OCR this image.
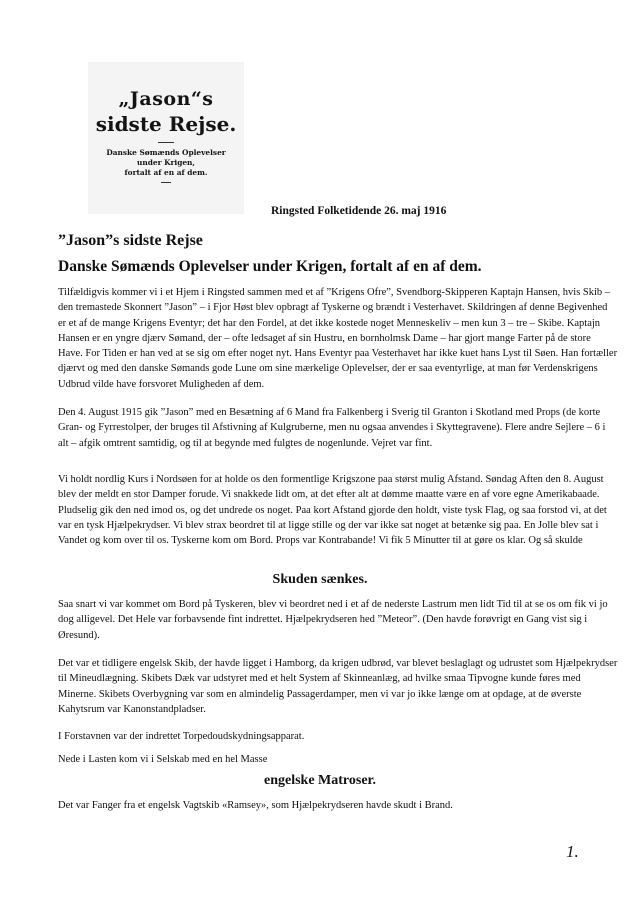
„Jason“s
sidste Rejse.
Danske Sømænds Oplevelser
under Krigen,
fortalt af en af dem.
Ringsted Folketidende 26. maj 1916
”Jason”s sidste Rejse
Danske Sømænds Oplevelser under Krigen, fortalt af en af dem.

Tilfældigvis kommer vi i et Hjem i Ringsted sammen med et af ”Krigens Ofre”, Svendborg-Skipperen Kaptajn Hansen, hvis Skib – den tremastede Skonnert ”Jason” – i Fjor Høst blev opbragt af Tyskerne og brændt i Vesterhavet. Skildringen af denne Begivenhed er et af de mange Krigens Eventyr; det har den Fordel, at det ikke kostede noget Menneskeliv – men kun 3 – tre – Skibe. Kaptajn Hansen er en yngre djærv Sømand, der – ofte ledsaget af sin Hustru, en bornholmsk Dame – har gjort mange Farter på de store Have. For Tiden er han ved at se sig om efter noget nyt. Hans Eventyr paa Vesterhavet har ikke kuet hans Lyst til Søen. Han fortæller djærvt og med den danske Sømands gode Lune om sine mærkelige Oplevelser, der er saa eventyrlige, at man før Verdenskrigens Udbrud vilde have forsvoret Muligheden af dem.

Den 4. August 1915 gik ”Jason” med en Besætning af 6 Mand fra Falkenberg i Sverig til Granton i Skotland med Props (de korte Gran- og Fyrrestolper, der bruges til Afstivning af Kulgruberne, men nu ogsaa anvendes i Skyttegravene). Flere andre Sejlere – 6 i alt – afgik omtrent samtidig, og til at begynde med fulgtes de nogenlunde. Vejret var fint.

Vi holdt nordlig Kurs i Nordsøen for at holde os den formentlige Krigszone paa størst mulig Afstand. Søndag Aften den 8. August blev der meldt en stor Damper forude. Vi snakkede lidt om, at det efter alt at dømme maatte være en af vore egne Amerikabaade. Pludselig gik den ned imod os, og det undrede os noget. Paa kort Afstand gjorde den holdt, viste tysk Flag, og saa forstod vi, at det var en tysk Hjælpekrydser. Vi blev strax beordret til at ligge stille og der var ikke sat noget at betænke sig paa. En Jolle blev sat i Vandet og kom over til os. Tyskerne kom om Bord. Props var Kontrabande! Vi fik 5 Minutter til at gøre os klar. Og så skulde

Skuden sænkes.

Saa snart vi var kommet om Bord på Tyskeren, blev vi beordret ned i et af de nederste Lastrum men lidt Tid til at se os om fik vi jo dog alligevel. Det Hele var forbavsende fint indrettet. Hjælpekrydseren hed ”Meteor”. (Den havde forøvrigt en Gang vist sig i Øresund).

Det var et tidligere engelsk Skib, der havde ligget i Hamborg, da krigen udbrød, var blevet beslaglagt og udrustet som Hjælpekrydser til Mineudlægning. Skibets Dæk var udstyret med et helt System af Skinneanlæg, ad hvilke smaa Tipvogne kunde føres med Minerne. Skibets Overbygning var som en almindelig Passagerdamper, men vi var jo ikke længe om at opdage, at de øverste Kahytsrum var Kanonstandpladser.

I Forstavnen var der indrettet Torpedoudskydningsapparat.

Nede i Lasten kom vi i Selskab med en hel Masse

engelske Matroser.

Det var Fanger fra et engelsk Vagtskib «Ramsey», som Hjælpekrydseren havde skudt i Brand.

1.
